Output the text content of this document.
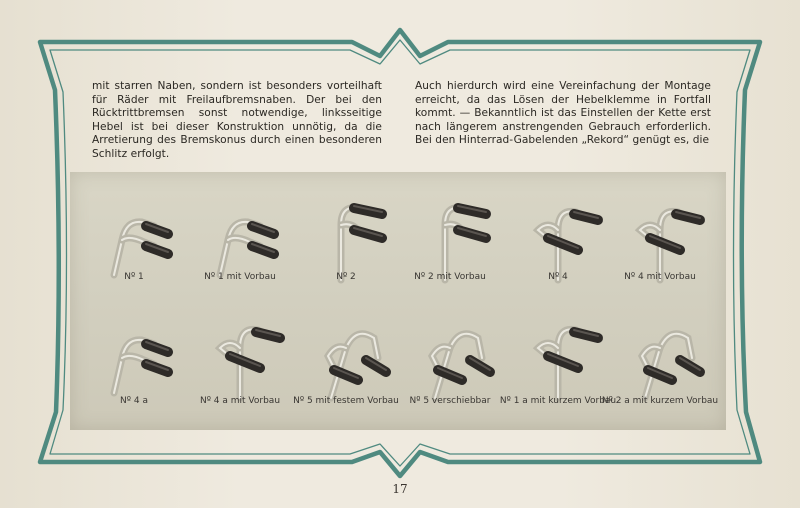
mit starren Naben, sondern ist besonders vorteilhaft für Räder mit Freilaufbremsnaben. Der bei den Rücktrittbremsen sonst notwendige, linksseitige Hebel ist bei dieser Konstruktion unnötig, da die Arretierung des Bremskonus durch einen besonderen Schlitz erfolgt.
Auch hierdurch wird eine Vereinfachung der Montage erreicht, da das Lösen der Hebelklemme in Fortfall kommt. — Bekanntlich ist das Einstellen der Kette erst nach längerem anstrengenden Gebrauch erforderlich. Bei den Hinterrad-Gabelenden „Rekord“ genügt es, die
Nº 1	Nº 1 mit Vorbau	Nº 2	Nº 2 mit Vorbau	Nº 4	Nº 4 mit Vorbau
Nº 4 a	Nº 4 a mit Vorbau	Nº 5 mit festem Vorbau	Nº 5 verschiebbar	Nº 1 a mit kurzem Vorbau
Nº 2 a mit kurzem Vorbau
17
